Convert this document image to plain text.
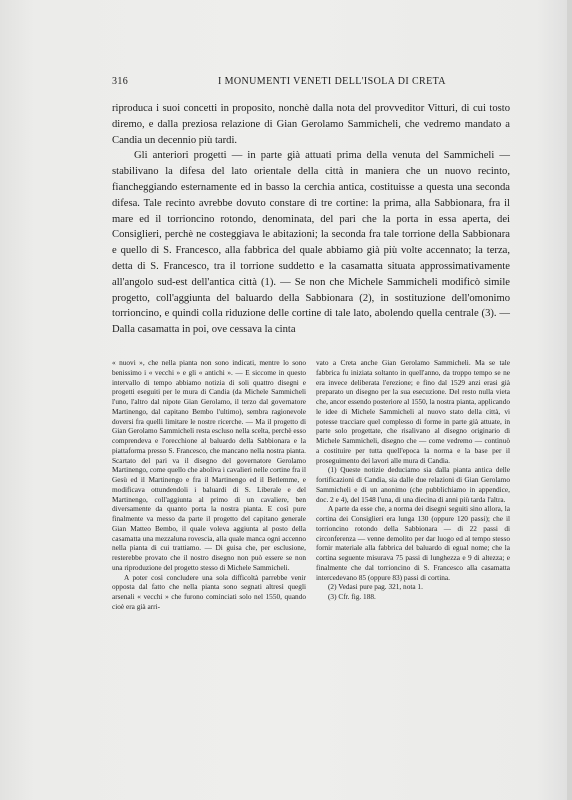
316	I MONUMENTI VENETI DELL'ISOLA DI CRETA

riproduca i suoi concetti in proposito, nonchè dalla nota del provveditor Vitturi, di cui tosto diremo, e dalla preziosa relazione di Gian Gerolamo Sammicheli, che vedremo mandato a Candia un decennio più tardi.

Gli anteriori progetti — in parte già attuati prima della venuta del Sammicheli — stabilivano la difesa del lato orientale della città in maniera che un nuovo recinto, fiancheggiando esternamente ed in basso la cerchia antica, costituisse a questa una seconda difesa. Tale recinto avrebbe dovuto constare di tre cortine: la prima, alla Sabbionara, fra il mare ed il torrioncino rotondo, denominata, del pari che la porta in essa aperta, dei Consiglieri, perchè ne costeggiava le abitazioni; la seconda fra tale torrione della Sabbionara e quello di S. Francesco, alla fabbrica del quale abbiamo già più volte accennato; la terza, detta di S. Francesco, tra il torrione suddetto e la casamatta situata approssimativamente all'angolo sud-est dell'antica città (1). — Se non che Michele Sammicheli modificò simile progetto, coll'aggiunta del baluardo della Sabbionara (2), in sostituzione dell'omonimo torrioncino, e quindi colla riduzione delle cortine di tale lato, abolendo quella centrale (3). — Dalla casamatta in poi, ove cessava la cinta

« nuovi », che nella pianta non sono indicati, mentre lo sono benissimo i « vecchi » e gli « antichi ». — E siccome in questo intervallo di tempo abbiamo notizia di soli quattro disegni e progetti eseguiti per le mura di Candia (da Michele Sammicheli l'uno, l'altro dal nipote Gian Gerolamo, il terzo dal governatore Martinengo, dal capitano Bembo l'ultimo), sembra ragionevole doversi fra quelli limitare le nostre ricerche. — Ma il progetto di Gian Gerolamo Sammicheli resta escluso nella scelta, perchè esso comprendeva e l'orecchione al baluardo della Sabbionara e la piattaforma presso S. Francesco, che mancano nella nostra pianta. Scartato del pari va il disegno del governatore Gerolamo Martinengo, come quello che aboliva i cavalieri nelle cortine fra il Gesù ed il Martinengo e fra il Martinengo ed il Betlemme, e modificava ottundendoli i baluardi di S. Liberale e del Martinengo, coll'aggiunta al primo di un cavaliere, ben diversamente da quanto porta la nostra pianta. E così pure finalmente va messo da parte il progetto del capitano generale Gian Matteo Bembo, il quale voleva aggiunta al posto della casamatta una mezzaluna rovescia, alla quale manca ogni accenno nella pianta di cui trattiamo. — Di guisa che, per esclusione, resterebbe provato che il nostro disegno non può essere se non una riproduzione del progetto stesso di Michele Sammicheli.

A poter così concludere una sola difficoltà parrebbe venir opposta dal fatto che nella pianta sono segnati altresì quegli arsenali « vecchi » che furono cominciati solo nel 1550, quando cioè era già arri-

vato a Creta anche Gian Gerolamo Sammicheli. Ma se tale fabbrica fu iniziata soltanto in quell'anno, da troppo tempo se ne era invece deliberata l'erezione; e fino dal 1529 anzi erasi già preparato un disegno per la sua esecuzione. Del resto nulla vieta che, ancor essendo posteriore al 1550, la nostra pianta, applicando le idee di Michele Sammicheli al nuovo stato della città, vi potesse tracciare quel complesso di forme in parte già attuate, in parte solo progettate, che risalivano al disegno originario di Michele Sammicheli, disegno che — come vedremo — continuò a costituire per tutta quell'epoca la norma e la base per il proseguimento dei lavori alle mura di Candia.

(1) Queste notizie deduciamo sia dalla pianta antica delle fortificazioni di Candia, sia dalle due relazioni di Gian Gerolamo Sammicheli e di un anonimo (che pubblichiamo in appendice, doc. 2 e 4), del 1548 l'una, di una diecina di anni più tarda l'altra.

A parte da esse che, a norma dei disegni seguiti sino allora, la cortina dei Consiglieri era lunga 130 (oppure 120 passi); che il torrioncino rotondo della Sabbionara — di 22 passi di circonferenza — venne demolito per dar luogo ed al tempo stesso fornir materiale alla fabbrica del baluardo di egual nome; che la cortina seguente misurava 75 passi di lunghezza e 9 di altezza; e finalmente che dal torrioncino di S. Francesco alla casamatta intercedevano 85 (oppure 83) passi di cortina.

(2) Vedasi pure pag. 321, nota 1.

(3) Cfr. fig. 188.
